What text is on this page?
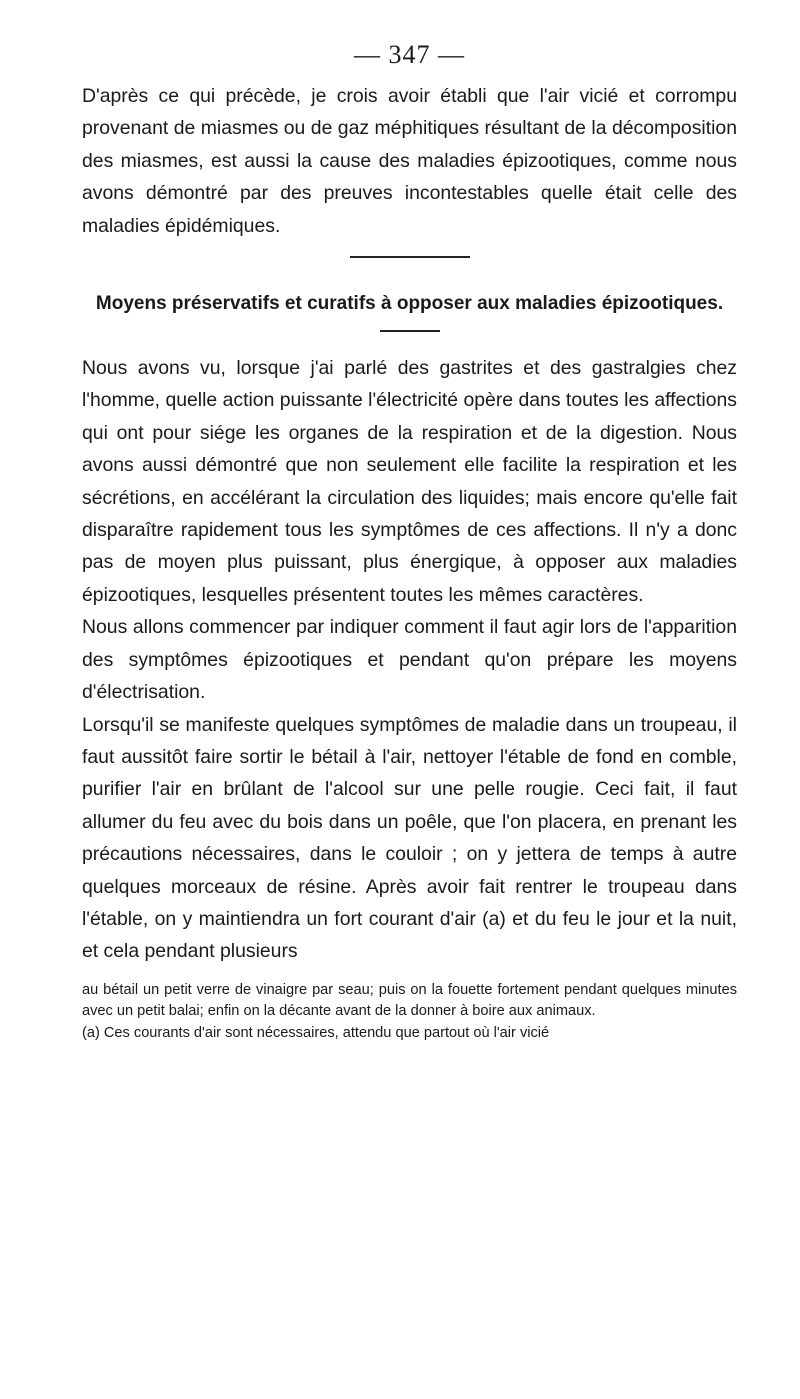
— 347 —

D'après ce qui précède, je crois avoir établi que l'air vicié et corrompu provenant de miasmes ou de gaz méphitiques résultant de la décomposition des miasmes, est aussi la cause des maladies épizootiques, comme nous avons démontré par des preuves incontestables quelle était celle des maladies épidémiques.

Moyens préservatifs et curatifs à opposer aux maladies épizootiques.

Nous avons vu, lorsque j'ai parlé des gastrites et des gastralgies chez l'homme, quelle action puissante l'électricité opère dans toutes les affections qui ont pour siége les organes de la respiration et de la digestion. Nous avons aussi démontré que non seulement elle facilite la respiration et les sécrétions, en accélérant la circulation des liquides; mais encore qu'elle fait disparaître rapidement tous les symptômes de ces affections. Il n'y a donc pas de moyen plus puissant, plus énergique, à opposer aux maladies épizootiques, lesquelles présentent toutes les mêmes caractères.

Nous allons commencer par indiquer comment il faut agir lors de l'apparition des symptômes épizootiques et pendant qu'on prépare les moyens d'électrisation.

Lorsqu'il se manifeste quelques symptômes de maladie dans un troupeau, il faut aussitôt faire sortir le bétail à l'air, nettoyer l'étable de fond en comble, purifier l'air en brûlant de l'alcool sur une pelle rougie. Ceci fait, il faut allumer du feu avec du bois dans un poêle, que l'on placera, en prenant les précautions nécessaires, dans le couloir ; on y jettera de temps à autre quelques morceaux de résine. Après avoir fait rentrer le troupeau dans l'étable, on y maintiendra un fort courant d'air (a) et du feu le jour et la nuit, et cela pendant plusieurs

au bétail un petit verre de vinaigre par seau; puis on la fouette fortement pendant quelques minutes avec un petit balai; enfin on la décante avant de la donner à boire aux animaux.

(a) Ces courants d'air sont nécessaires, attendu que partout où l'air vicié
